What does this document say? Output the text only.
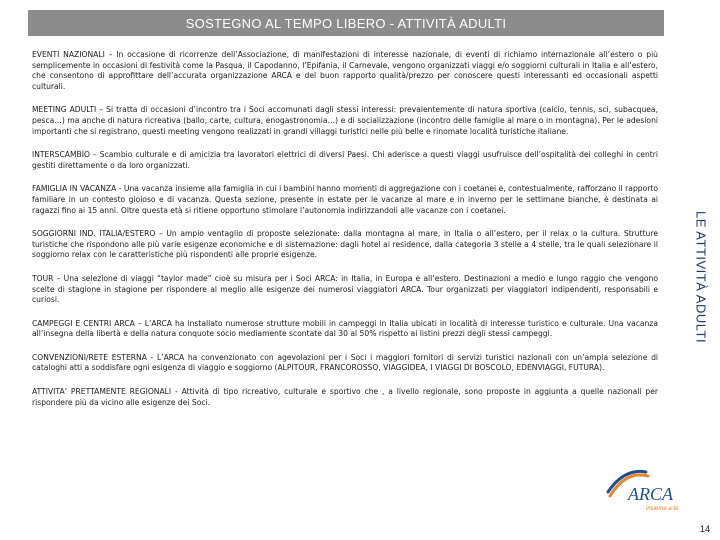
SOSTEGNO AL TEMPO LIBERO - ATTIVITÀ ADULTI
LE ATTIVITÀ ADULTI

EVENTI NAZIONALI – In occasione di ricorrenze dell’Associazione, di manifestazioni di interesse nazionale, di eventi di richiamo internazionale all’estero o più semplicemente in occasioni di festività come la Pasqua, il Capodanno, l’Epifania, il Carnevale, vengono organizzati viaggi e/o soggiorni culturali in Italia e all’estero, che consentono di approfittare dell’accurata organizzazione ARCA e del buon rapporto qualità/prezzo per conoscere questi interessanti ed occasionali aspetti culturali.

MEETING ADULTI – Si tratta di occasioni d’incontro tra i Soci accomunati dagli stessi interessi: prevalentemente di natura sportiva (calcio, tennis, sci, subacquea, pesca…) ma anche di natura ricreativa (ballo, carte, cultura, enogastronomia…) e di socializzazione (incontro delle famiglie al mare o in montagna). Per le adesioni importanti che si registrano, questi meeting vengono realizzati in grandi villaggi turistici nelle più belle e rinomate località turistiche italiane.

INTERSCAMBIO – Scambio culturale e di amicizia tra lavoratori elettrici di diversi Paesi. Chi aderisce a questi viaggi usufruisce dell’ospitalità dei colleghi in centri gestiti direttamente o da loro organizzati.

FAMIGLIA IN VACANZA - Una vacanza insieme alla famiglia in cui i bambini hanno momenti di aggregazione con i coetanei e, contestualmente, rafforzano il rapporto familiare in un contesto gioioso e di vacanza. Questa sezione, presente in estate per le vacanze al mare e in inverno per le settimane bianche, è destinata ai ragazzi fino ai 15 anni. Oltre questa età si ritiene opportuno stimolare l’autonomia indirizzandoli alle vacanze con i coetanei.

SOGGIORNI IND. ITALIA/ESTERO – Un ampio ventaglio di proposte selezionate: dalla montagna al mare, in Italia o all’estero, per il relax o la cultura. Strutture turistiche che rispondono alle più varie esigenze economiche e di sistemazione: dagli hotel ai residence, dalla categoria 3 stelle a 4 stelle, tra le quali selezionare il soggiorno relax con le caratteristiche più rispondenti alle proprie esigenze.

TOUR – Una selezione di viaggi “taylor made” cioè su misura per i Soci ARCA: in Italia, in Europa e all’estero. Destinazioni a medio e lungo raggio che vengono scelte di stagione in stagione per rispondere al meglio alle esigenze dei numerosi viaggiatori ARCA. Tour organizzati per viaggiatori indipendenti, responsabili e curiosi.

CAMPEGGI E CENTRI ARCA – L’ARCA ha installato numerose strutture mobili in campeggi in Italia ubicati in località di interesse turistico e culturale. Una vacanza all’insegna della libertà e della natura conquote socio mediamente scontate dal 30 al 50% rispetto ai listini prezzi degli stessi campeggi.

CONVENZIONI/RETE ESTERNA - L’ARCA ha convenzionato con agevolazioni per i Soci i maggiori fornitori di servizi turistici nazionali con un’ampia selezione di cataloghi atti a soddisfare ogni esigenza di viaggio e soggiorno (ALPITOUR, FRANCOROSSO, VIAGGIDEA, I VIAGGI DI BOSCOLO, EDENVIAGGI, FUTURA).

ATTIVITA’ PRETTAMENTE REGIONALI - Attività di tipo ricreativo, culturale e sportivo che , a livello regionale, sono proposte in aggiunta a quelle nazionali per rispondere più da vicino alle esigenze dei Soci.

ARCA
insieme a te
14
